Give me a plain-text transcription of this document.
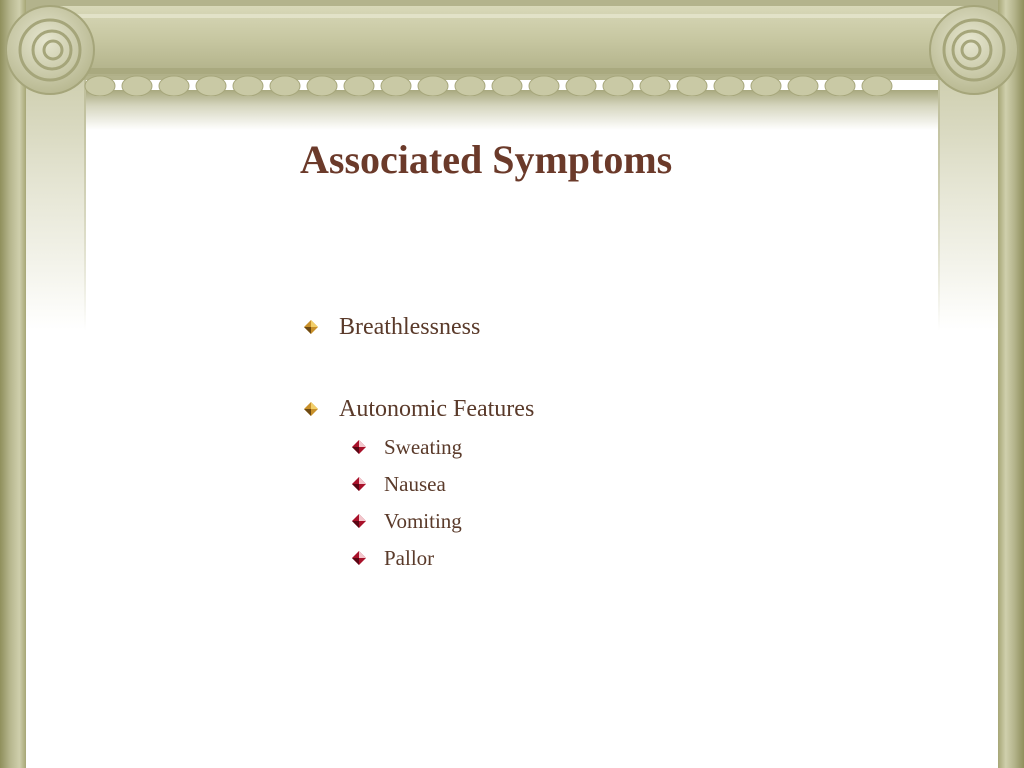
Associated Symptoms
Breathlessness
Autonomic Features
Sweating
Nausea
Vomiting
Pallor
